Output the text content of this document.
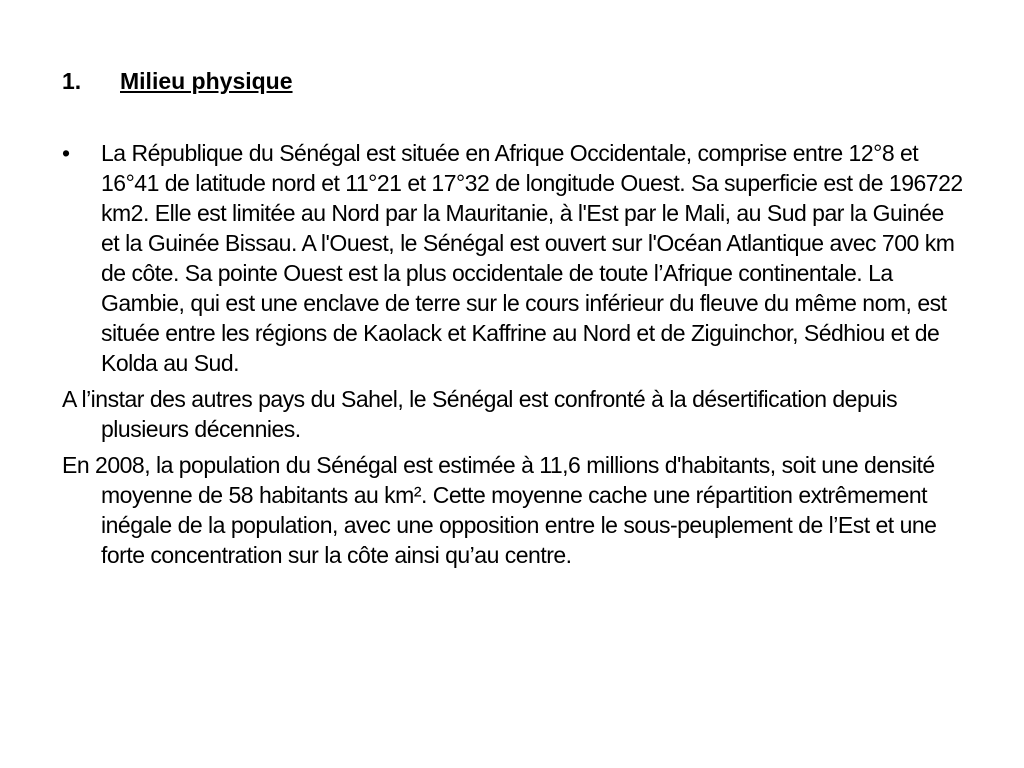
1. Milieu physique

•	La République du Sénégal est située en Afrique Occidentale, comprise entre 12°8 et 16°41 de latitude nord et 11°21 et 17°32 de longitude Ouest. Sa superficie est de 196722 km2. Elle est limitée au Nord par la Mauritanie, à l'Est par le Mali, au Sud par la Guinée et la Guinée Bissau. A l'Ouest, le Sénégal est ouvert sur l'Océan Atlantique avec 700 km de côte. Sa pointe Ouest est la plus occidentale de toute l’Afrique continentale. La Gambie, qui est une enclave de terre sur le cours inférieur du fleuve du même nom, est située entre les régions de Kaolack et Kaffrine au Nord et de Ziguinchor, Sédhiou et de Kolda au Sud.

A l’instar des autres pays du Sahel, le Sénégal est confronté à la désertification depuis plusieurs décennies.

En 2008, la population du Sénégal est estimée à 11,6 millions d'habitants, soit une densité moyenne de 58 habitants au km². Cette moyenne cache une répartition extrêmement inégale de la population, avec une opposition entre le sous-peuplement de l’Est et une forte concentration sur la côte ainsi qu’au centre.
